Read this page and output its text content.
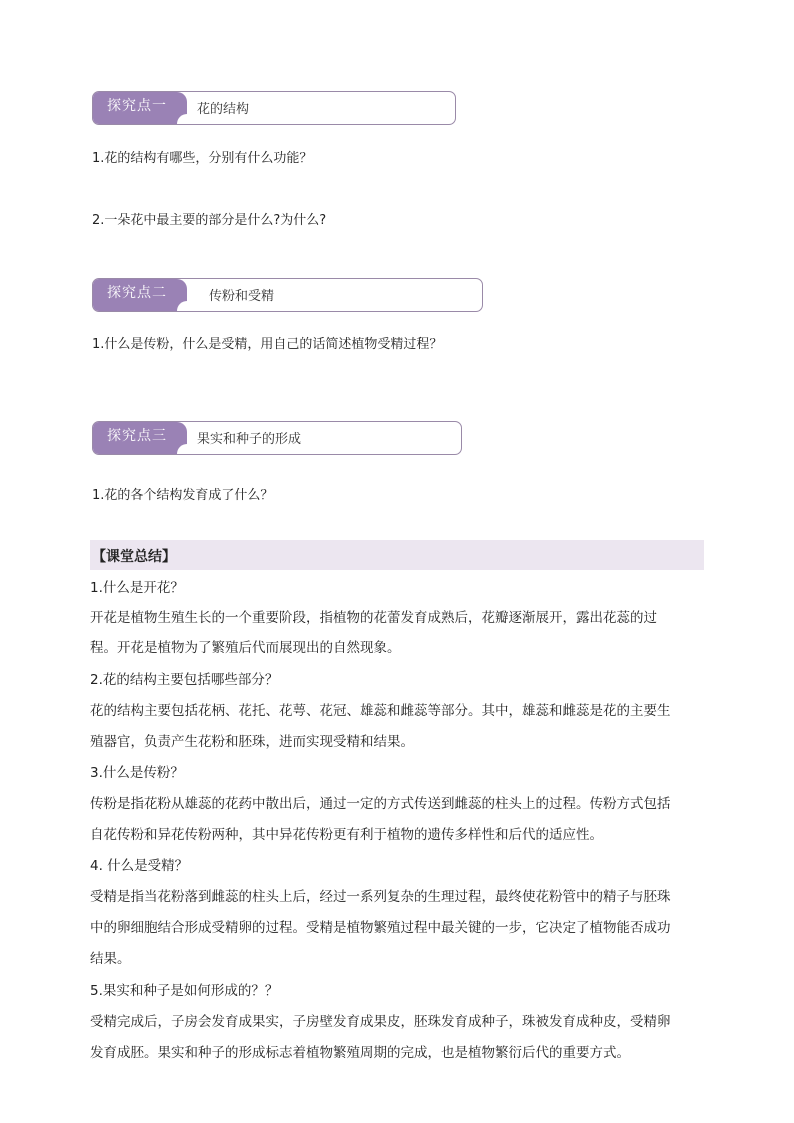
探究点一	花的结构
1.花的结构有哪些，分别有什么功能？
2.一朵花中最主要的部分是什么?为什么?
探究点二	传粉和受精
1.什么是传粉，什么是受精，用自己的话简述植物受精过程？
探究点三	果实和种子的形成
1.花的各个结构发育成了什么？
【课堂总结】
1.什么是开花？
开花是植物生殖生长的一个重要阶段，指植物的花蕾发育成熟后，花瓣逐渐展开，露出花蕊的过
程。开花是植物为了繁殖后代而展现出的自然现象。
2.花的结构主要包括哪些部分？
花的结构主要包括花柄、花托、花萼、花冠、雄蕊和雌蕊等部分。其中，雄蕊和雌蕊是花的主要生
殖器官，负责产生花粉和胚珠，进而实现受精和结果。
3.什么是传粉？
传粉是指花粉从雄蕊的花药中散出后，通过一定的方式传送到雌蕊的柱头上的过程。传粉方式包括
自花传粉和异花传粉两种，其中异花传粉更有利于植物的遗传多样性和后代的适应性。
4. 什么是受精？
受精是指当花粉落到雌蕊的柱头上后，经过一系列复杂的生理过程，最终使花粉管中的精子与胚珠
中的卵细胞结合形成受精卵的过程。受精是植物繁殖过程中最关键的一步，它决定了植物能否成功
结果。
5.果实和种子是如何形成的？？
受精完成后，子房会发育成果实，子房壁发育成果皮，胚珠发育成种子，珠被发育成种皮，受精卵
发育成胚。果实和种子的形成标志着植物繁殖周期的完成，也是植物繁衍后代的重要方式。
